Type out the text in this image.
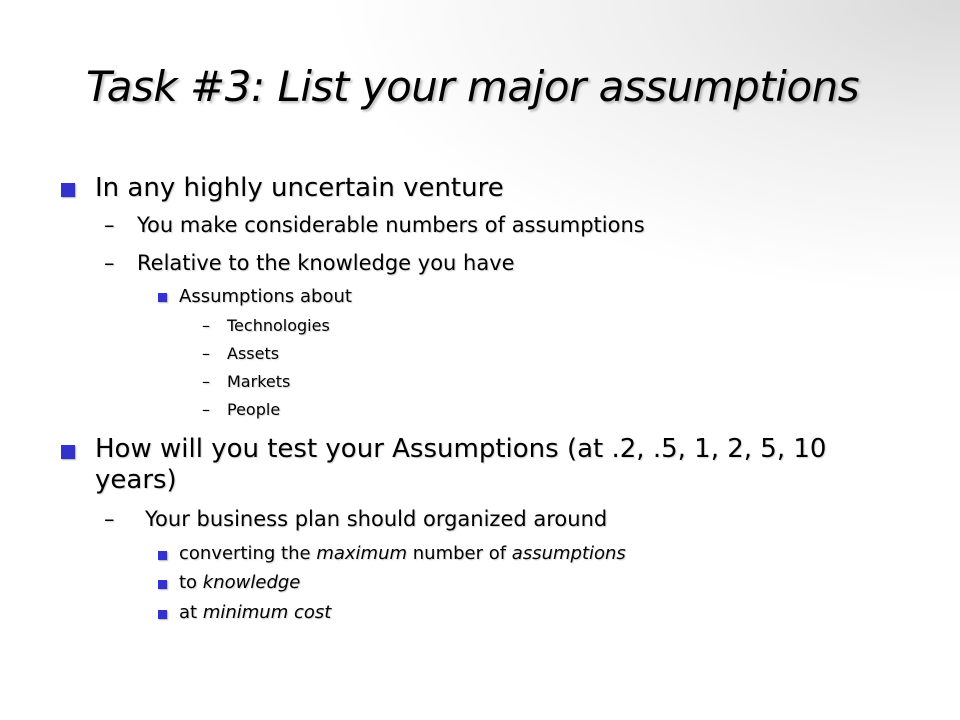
Task #3: List your major assumptions
In any highly uncertain venture
– You make considerable numbers of assumptions
– Relative to the knowledge you have
Assumptions about
– Technologies
– Assets
– Markets
– People
How will you test your Assumptions (at .2, .5, 1, 2, 5, 10
years)
– Your business plan should organized around
converting the maximum number of assumptions
to knowledge
at minimum cost
